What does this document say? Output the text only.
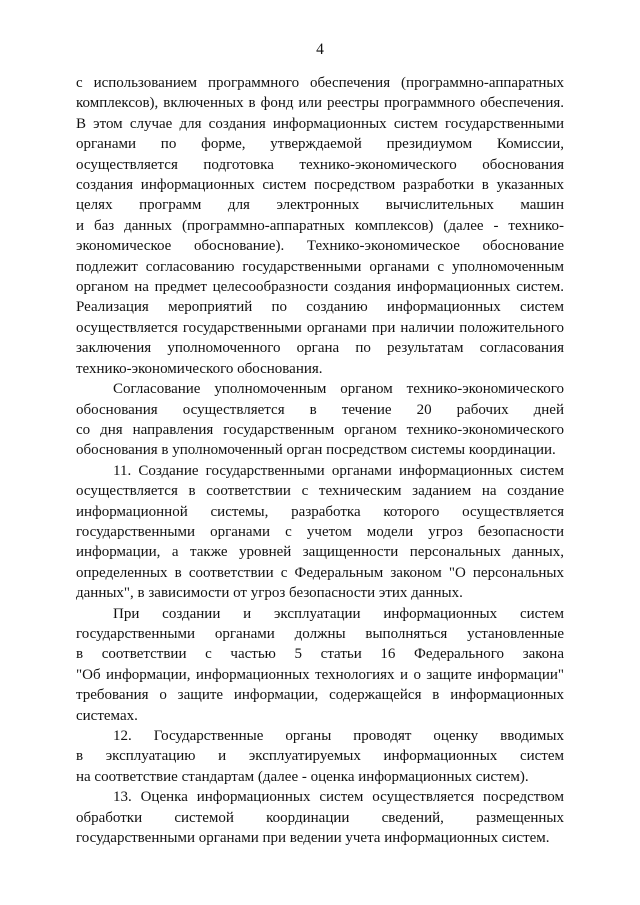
4
с использованием программного обеспечения (программно-аппаратных
комплексов), включенных в фонд или реестры программного обеспечения.
В этом случае для создания информационных систем государственными
органами по форме, утверждаемой президиумом Комиссии,
осуществляется подготовка технико-экономического обоснования
создания информационных систем посредством разработки в указанных
целях программ для электронных вычислительных машин
и баз данных (программно-аппаратных комплексов) (далее - технико-
экономическое обоснование). Технико-экономическое обоснование
подлежит согласованию государственными органами с уполномоченным
органом на предмет целесообразности создания информационных систем.
Реализация мероприятий по созданию информационных систем
осуществляется государственными органами при наличии положительного
заключения уполномоченного органа по результатам согласования
технико-экономического обоснования.
Согласование уполномоченным органом технико-экономического
обоснования осуществляется в течение 20 рабочих дней
со дня направления государственным органом технико-экономического
обоснования в уполномоченный орган посредством системы координации.
11. Создание государственными органами информационных систем
осуществляется в соответствии с техническим заданием на создание
информационной системы, разработка которого осуществляется
государственными органами с учетом модели угроз безопасности
информации, а также уровней защищенности персональных данных,
определенных в соответствии с Федеральным законом "О персональных
данных", в зависимости от угроз безопасности этих данных.
При создании и эксплуатации информационных систем
государственными органами должны выполняться установленные
в соответствии с частью 5 статьи 16 Федерального закона
"Об информации, информационных технологиях и о защите информации"
требования о защите информации, содержащейся в информационных
системах.
12. Государственные органы проводят оценку вводимых
в эксплуатацию и эксплуатируемых информационных систем
на соответствие стандартам (далее - оценка информационных систем).
13. Оценка информационных систем осуществляется посредством
обработки системой координации сведений, размещенных
государственными органами при ведении учета информационных систем.
